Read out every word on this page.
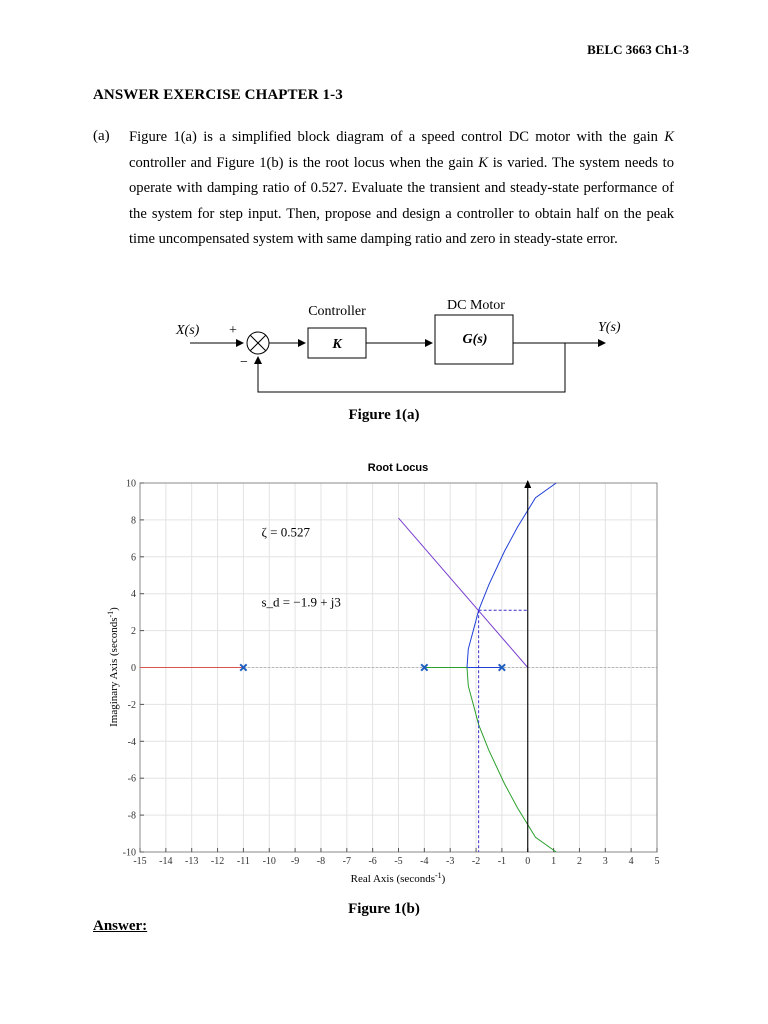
BELC 3663 Ch1-3
ANSWER EXERCISE CHAPTER 1-3
(a) Figure 1(a) is a simplified block diagram of a speed control DC motor with the gain K controller and Figure 1(b) is the root locus when the gain K is varied. The system needs to operate with damping ratio of 0.527. Evaluate the transient and steady-state performance of the system for step input. Then, propose and design a controller to obtain half on the peak time uncompensated system with same damping ratio and zero in steady-state error.
X(s) +
−
Controller
K
DC Motor
G(s)
Y(s)
Figure 1(a)
Root Locus
-15 -14 -13 -12 -11 -10 -9 -8 -7 -6 -5 -4 -3 -2 -1 0 1 2 3 4 5
-10
-8
-6
-4
-2
0
2
4
6
8
10
ζ = 0.527
s_d = −1.9 + j3
Real Axis (seconds$^{-1}$)
Imaginary Axis (seconds$^{-1}$)
Figure 1(b)
Answer:
